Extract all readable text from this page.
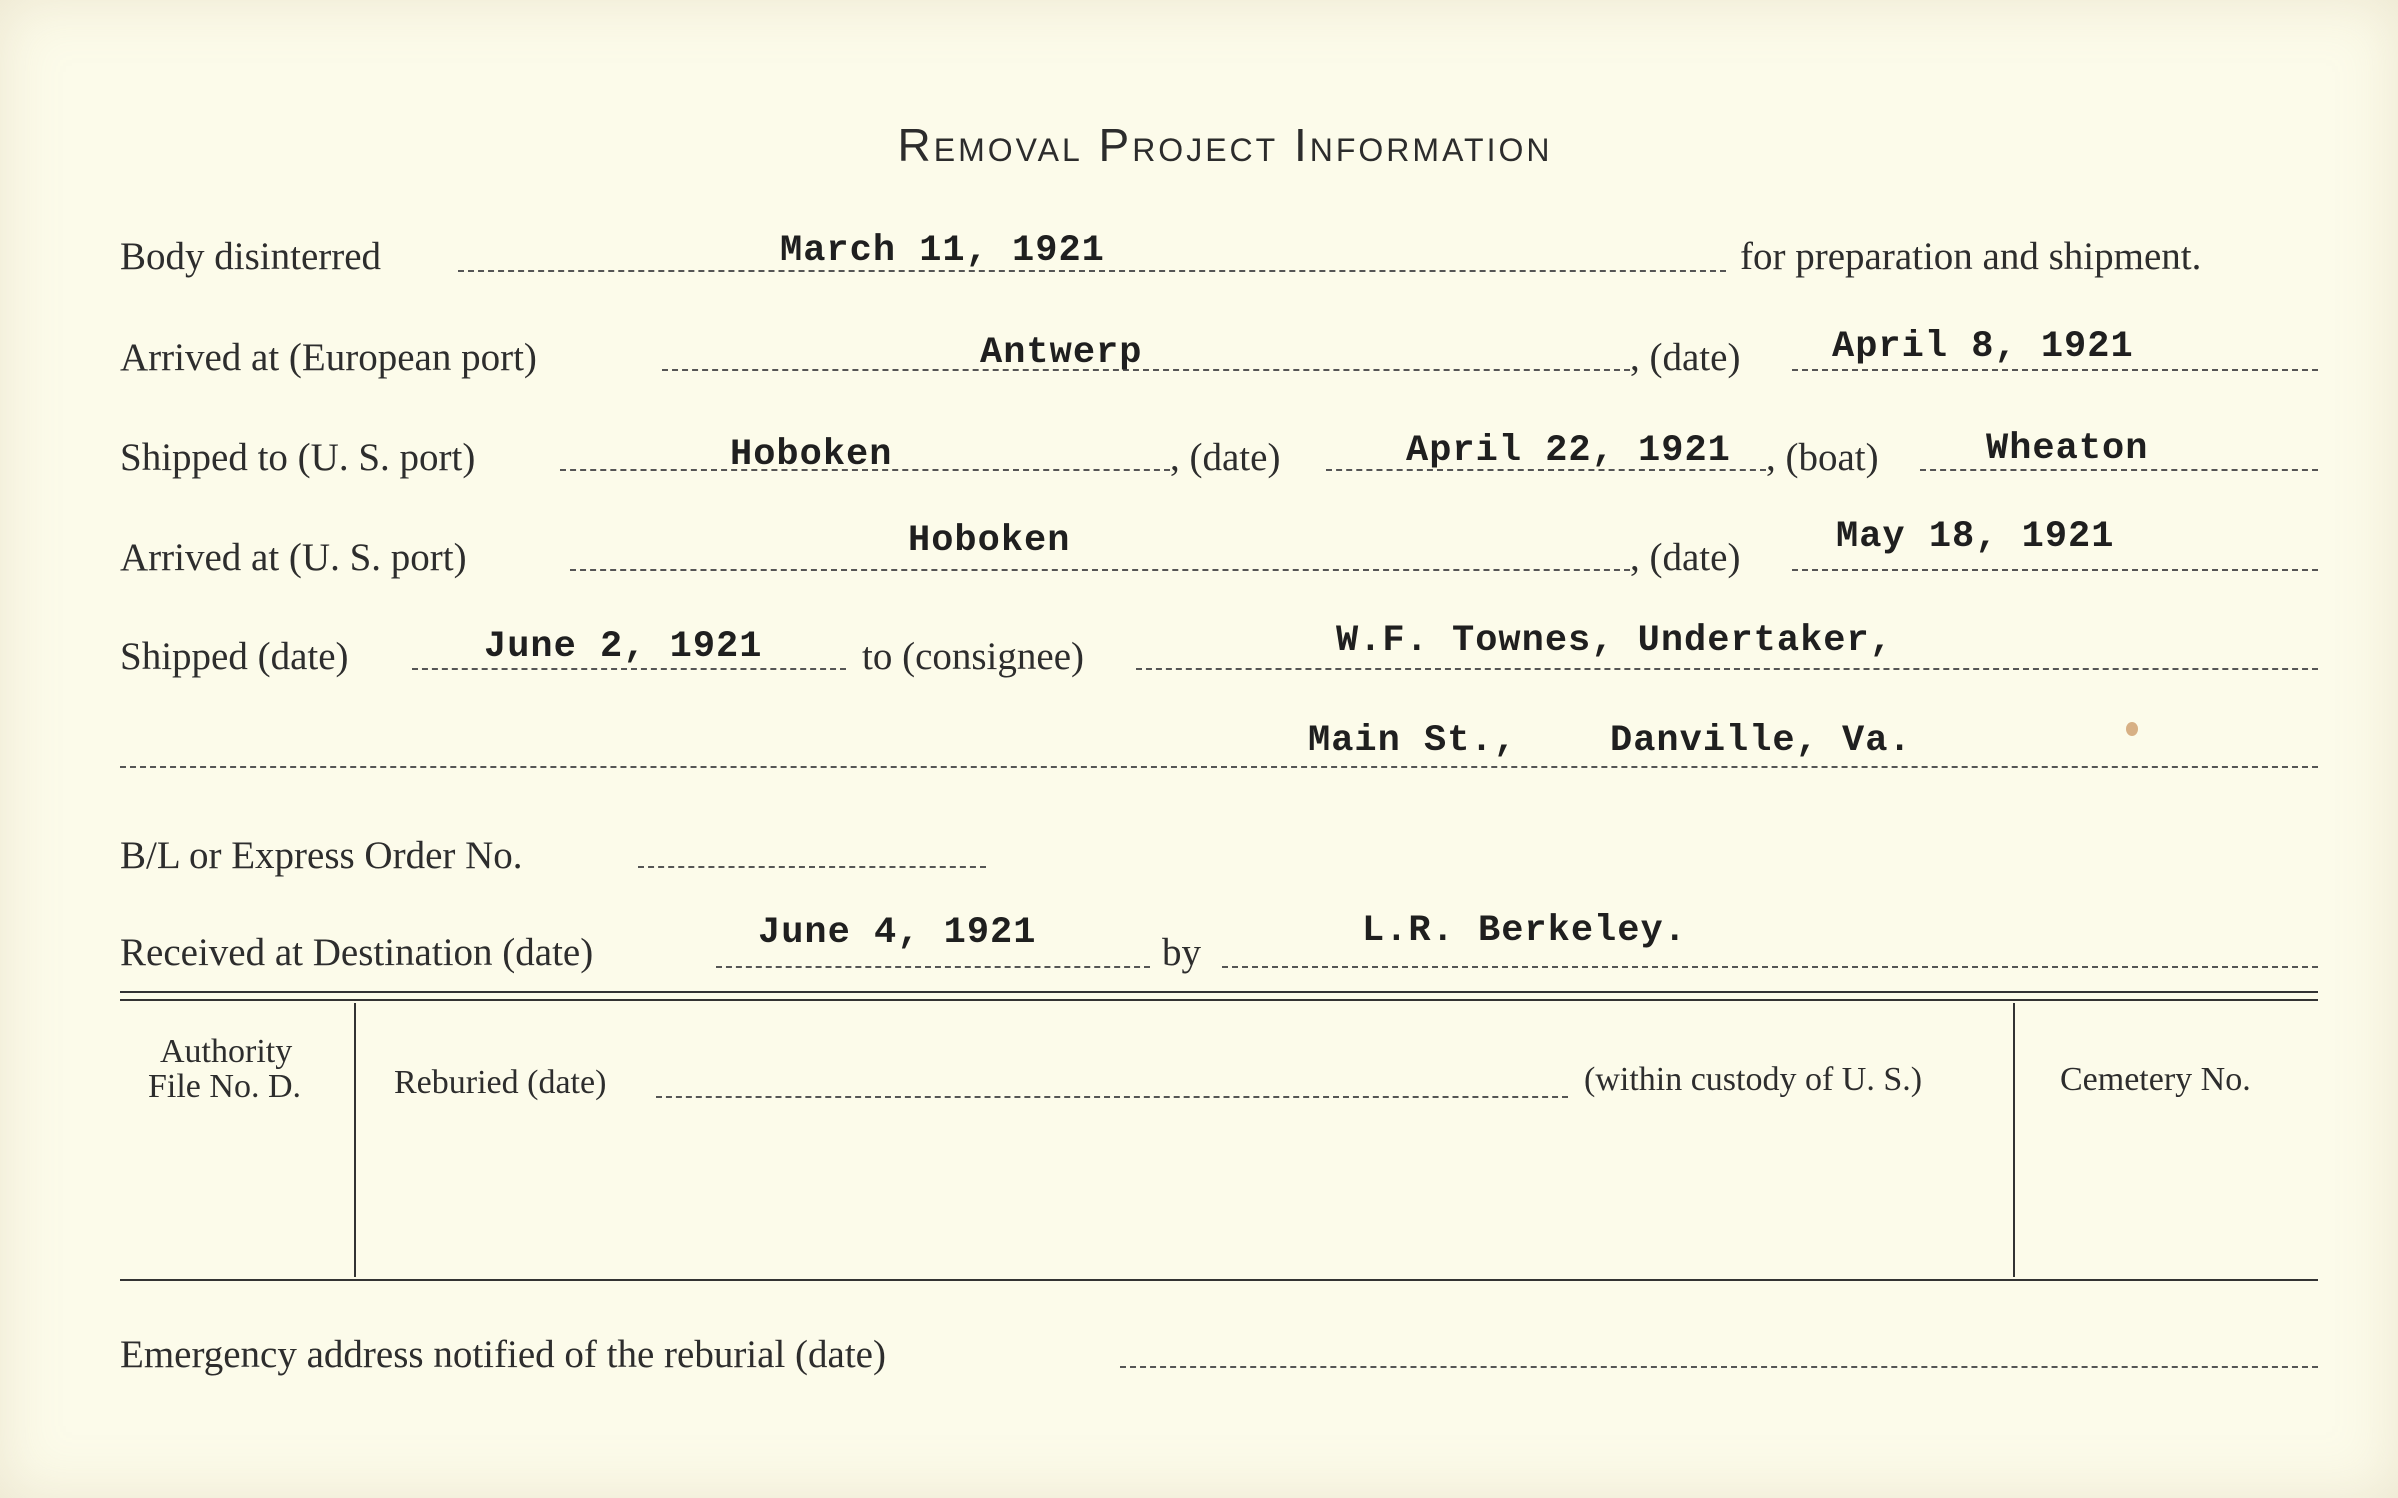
Removal Project Information
Body disinterred	March 11, 1921	for preparation and shipment.
Arrived at (European port)	Antwerp	, (date) April 8, 1921
Shipped to (U. S. port)	Hoboken	, (date)	April 22, 1921 , (boat)	Wheaton
Arrived at (U. S. port)	Hoboken	, (date)	May 18, 1921
Shipped (date)	June 2, 1921	to (consignee)	W.F. Townes, Undertaker,
Main St.,	Danville, Va.
B/L or Express Order No.
Received at Destination (date)	June 4, 1921	by	L.R. Berkeley.
Authority
File No. D.	Reburied (date)	(within custody of U. S.)	Cemetery No.
Emergency address notified of the reburial (date)
